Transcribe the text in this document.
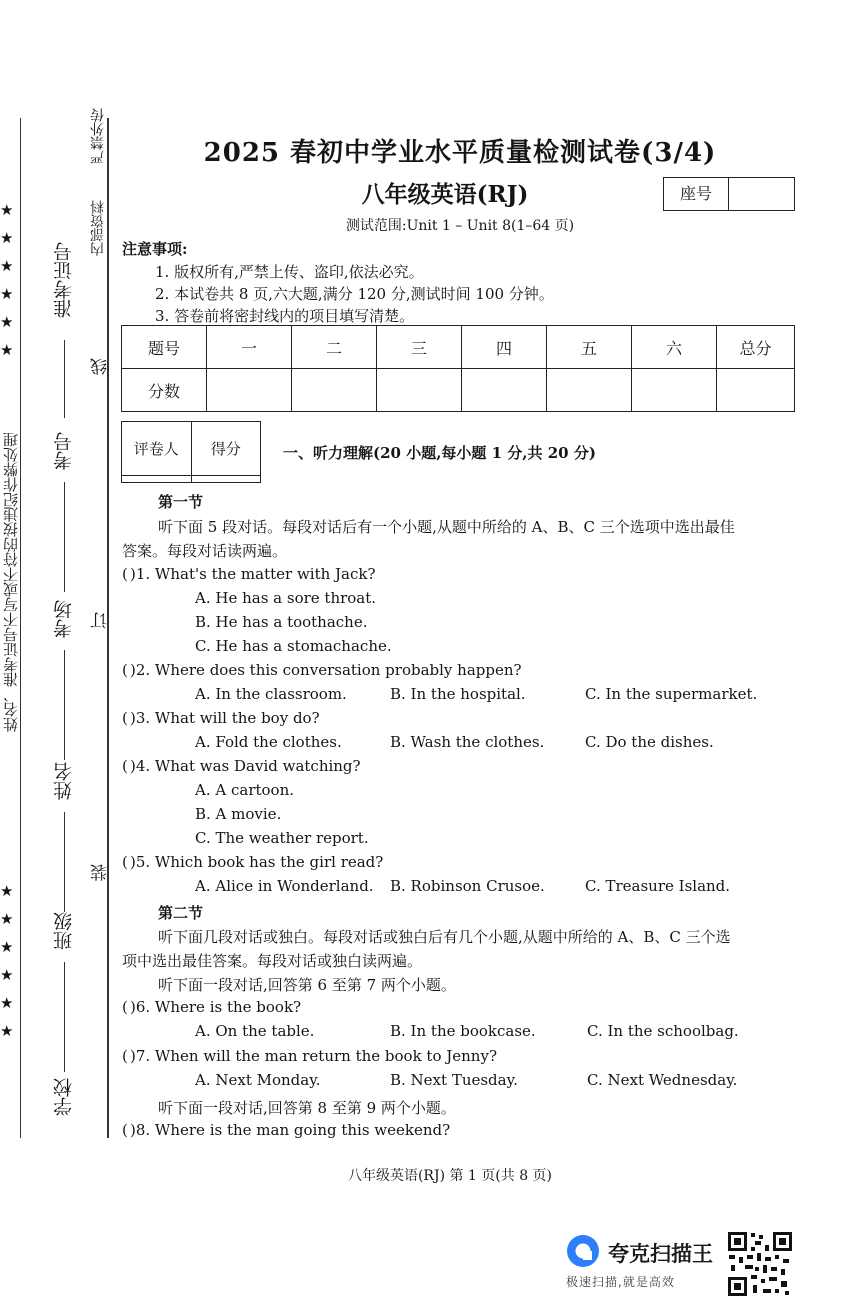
★
★
★
★
★
★
★
★
★
★
★
★
姓名、准考证号不写或不符的按违纪作弊处理
准考证号
考号
考场
姓名
班级
学校
内部资料
严禁外传
线
订
装
2025 春初中学业水平质量检测试卷(3/4)
八年级英语(RJ)	座号
测试范围:Unit 1 – Unit 8(1–64 页)
注意事项:
1. 版权所有,严禁上传、盗印,依法必究。
2. 本试卷共 8 页,六大题,满分 120 分,测试时间 100 分钟。
3. 答卷前将密封线内的项目填写清楚。
题号	一	二	三	四	五	六	总分
分数							
评卷人	得分
		一、听力理解(20 小题,每小题 1 分,共 20 分)
第一节
听下面 5 段对话。每段对话后有一个小题,从题中所给的 A、B、C 三个选项中选出最佳
答案。每段对话读两遍。
( )1. What's the matter with Jack?
A. He has a sore throat.
B. He has a toothache.
C. He has a stomachache.
( )2. Where does this conversation probably happen?
A. In the classroom.	B. In the hospital.	C. In the supermarket.
( )3. What will the boy do?
A. Fold the clothes.	B. Wash the clothes.	C. Do the dishes.
( )4. What was David watching?
A. A cartoon.
B. A movie.
C. The weather report.
( )5. Which book has the girl read?
A. Alice in Wonderland. B. Robinson Crusoe.	C. Treasure Island.
第二节
听下面几段对话或独白。每段对话或独白后有几个小题,从题中所给的 A、B、C 三个选
项中选出最佳答案。每段对话或独白读两遍。
听下面一段对话,回答第 6 至第 7 两个小题。
( )6. Where is the book?
A. On the table.	B. In the bookcase.	C. In the schoolbag.
( )7. When will the man return the book to Jenny?
A. Next Monday.	B. Next Tuesday.	C. Next Wednesday.
听下面一段对话,回答第 8 至第 9 两个小题。
( )8. Where is the man going this weekend?
八年级英语(RJ) 第 1 页(共 8 页)
夸克扫描王
极速扫描,就是高效
